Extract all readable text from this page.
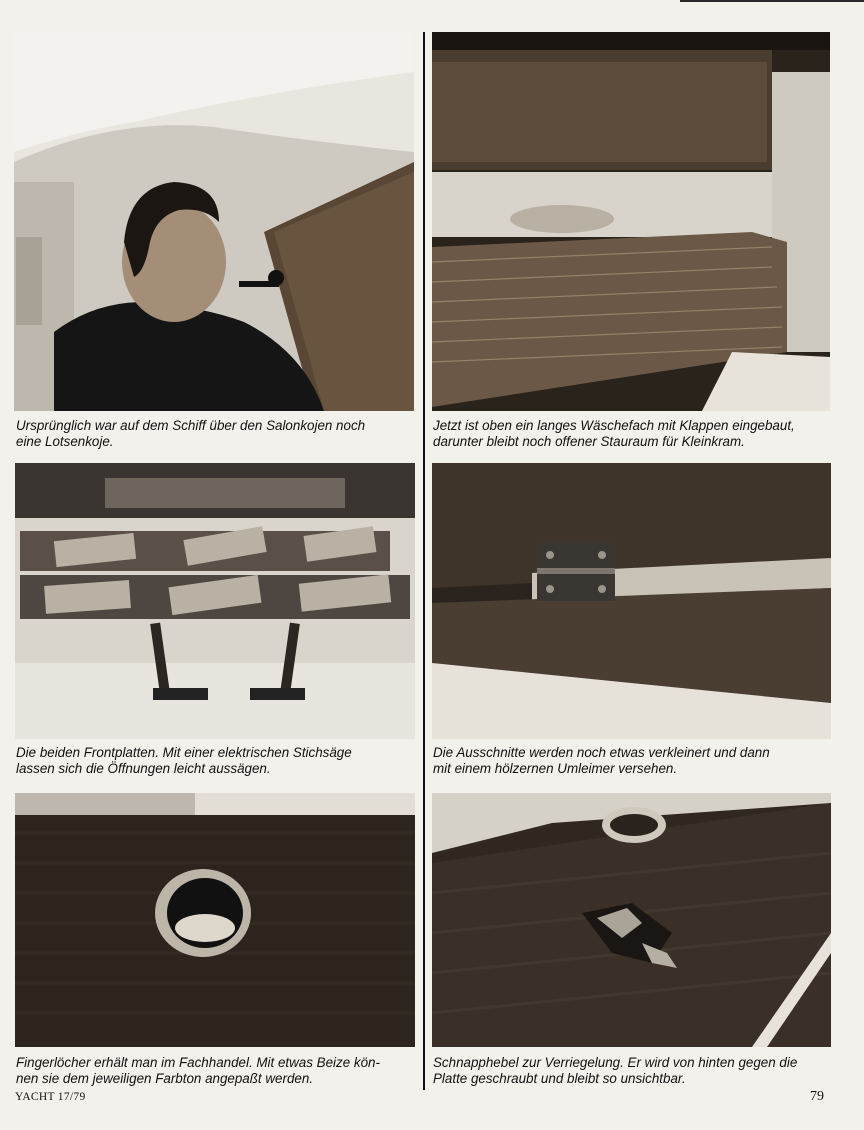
Ursprünglich war auf dem Schiff über den Salonkojen noch
eine Lotsenkoje.

Jetzt ist oben ein langes Wäschefach mit Klappen eingebaut,
darunter bleibt noch offener Stauraum für Kleinkram.

Die beiden Frontplatten. Mit einer elektrischen Stichsäge
lassen sich die Öffnungen leicht aussägen.

Die Ausschnitte werden noch etwas verkleinert und dann
mit einem hölzernen Umleimer versehen.

Fingerlöcher erhält man im Fachhandel. Mit etwas Beize kön-
nen sie dem jeweiligen Farbton angepaßt werden.

Schnapphebel zur Verriegelung. Er wird von hinten gegen die
Platte geschraubt und bleibt so unsichtbar.

YACHT 17/79	79
